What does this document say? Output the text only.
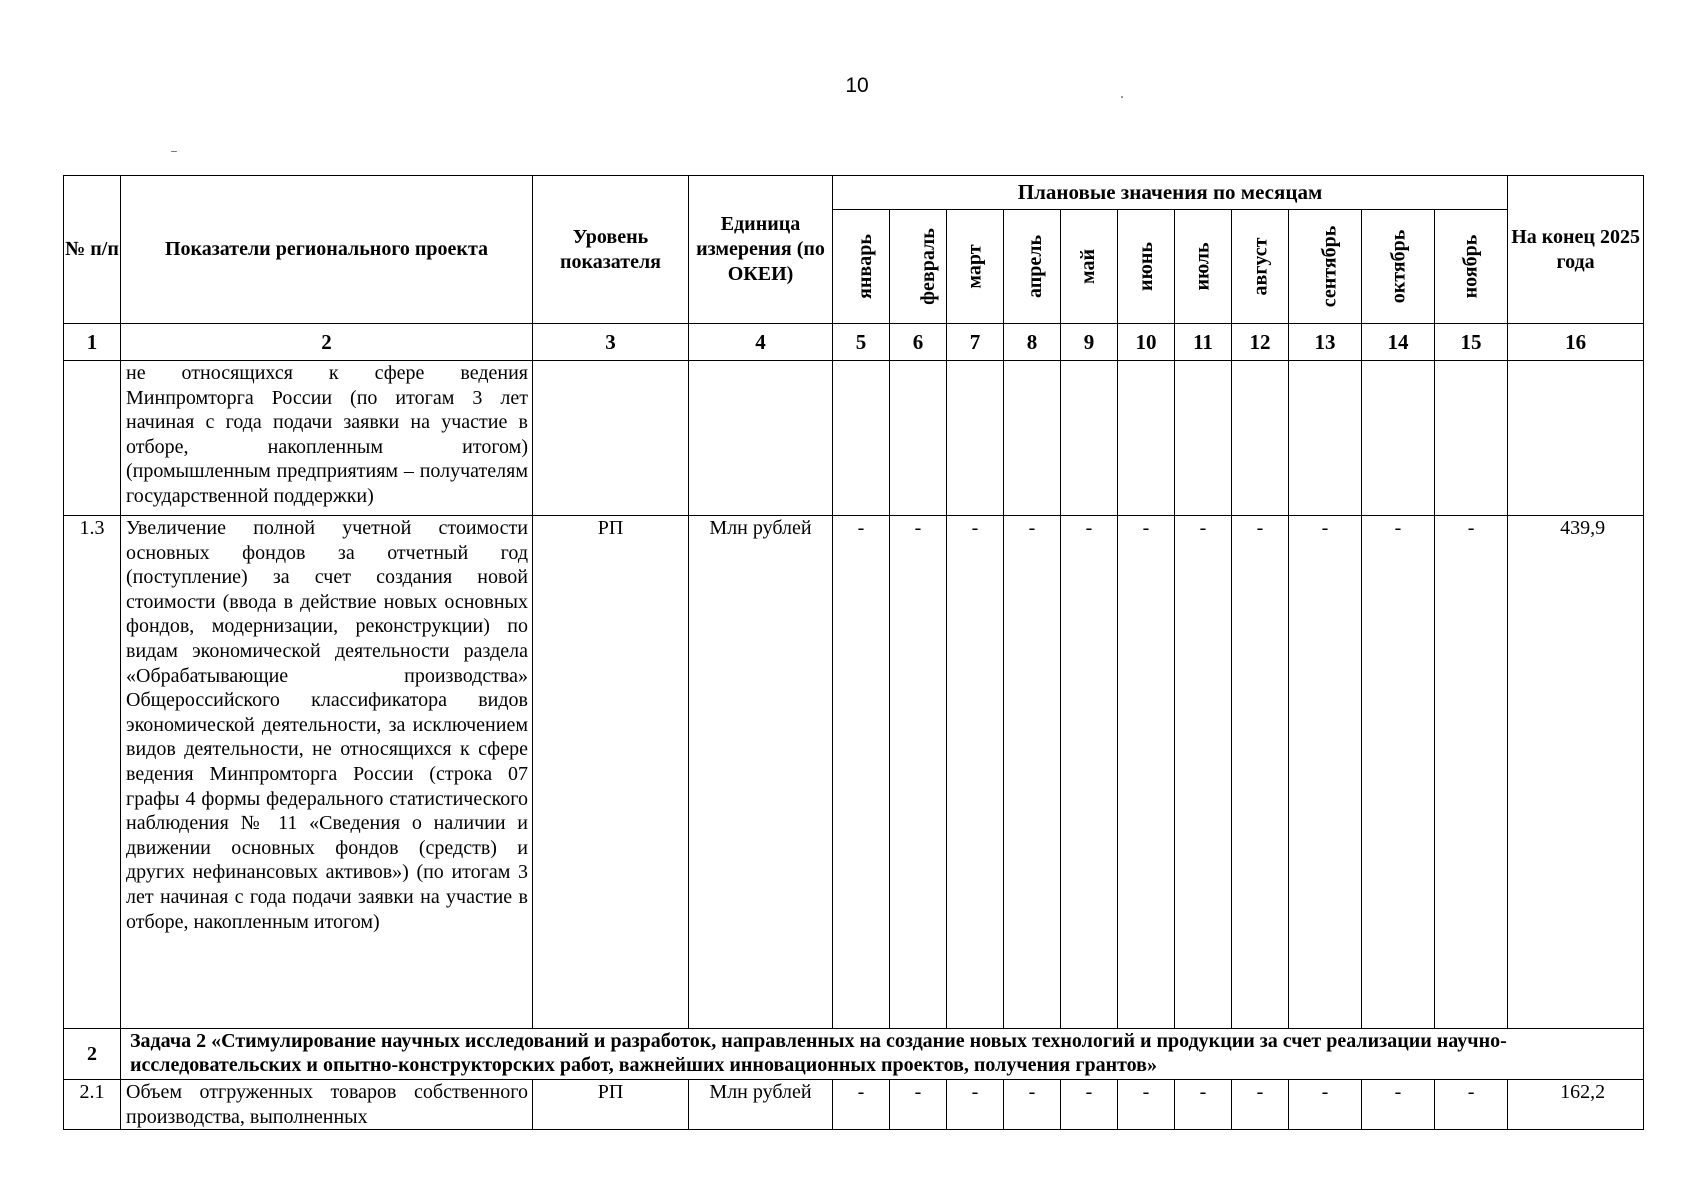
10
№ п/п	Показатели регионального проекта	Уровень показателя	Единица измерения (по ОКЕИ)	Плановые значения по месяцам											На конец 2025 года
				январь	февраль	март	апрель	май	июнь	июль	август	сентябрь	октябрь	ноябрь	
1	2	3	4	5	6	7	8	9	10	11	12	13	14	15	16
	не относящихся к сфере ведения Минпромторга России (по итогам 3 лет начиная с года подачи заявки на участие в отборе, накопленным итогом) (промышленным предприятиям – получателям государственной поддержки)														
1.3	Увеличение полной учетной стоимости основных фондов за отчетный год (поступление) за счет создания новой стоимости (ввода в действие новых основных фондов, модернизации, реконструкции) по видам экономической деятельности раздела «Обрабатывающие производства» Общероссийского классификатора видов экономической деятельности, за исключением видов деятельности, не относящихся к сфере ведения Минпромторга России (строка 07 графы 4 формы федерального статистического наблюдения № 11 «Сведения о наличии и движении основных фондов (средств) и других нефинансовых активов») (по итогам 3 лет начиная с года подачи заявки на участие в отборе, накопленным итогом)	РП	Млн рублей	-	-	-	-	-	-	-	-	-	-	-	439,9
2	Задача 2 «Стимулирование научных исследований и разработок, направленных на создание новых технологий и продукции за счет реализации научно-исследовательских и опытно-конструкторских работ, важнейших инновационных проектов, получения грантов»														
2.1	Объем отгруженных товаров собственного производства, выполненных	РП	Млн рублей	-	-	-	-	-	-	-	-	-	-	-	162,2
